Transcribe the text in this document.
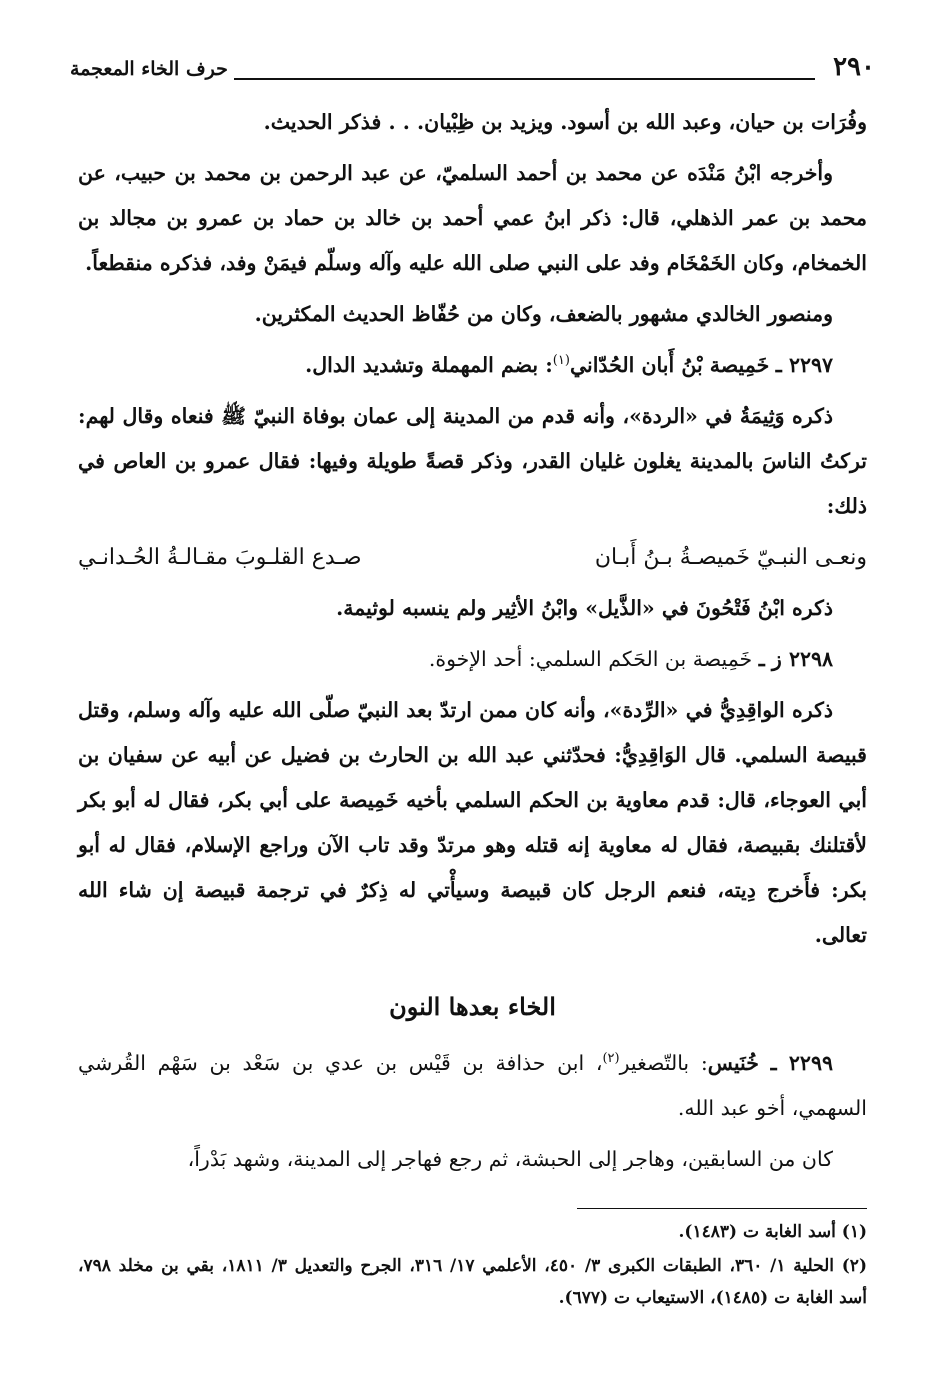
٢٩٠
حرف الخاء المعجمة

وفُرَات بن حيان، وعبد الله بن أسود. ويزيد بن ظِبْيان. . . فذكر الحديث.

وأخرجه ابْنُ مَنْدَه عن محمد بن أحمد السلميّ، عن عبد الرحمن بن محمد بن حبيب، عن محمد بن عمر الذهلي، قال: ذكر ابنُ عمي أحمد بن خالد بن حماد بن عمرو بن مجالد بن الخمخام، وكان الخَمْخَام وفد على النبي صلى الله عليه وآله وسلّم فيمَنْ وفد، فذكره منقطعاً.

ومنصور الخالدي مشهور بالضعف، وكان من حُفّاظ الحديث المكثرين.

٢٢٩٧ ـ خَمِيصة بْنُ أَبان الحُدّاني$^{(١)}$: بضم المهملة وتشديد الدال.

ذكره وَثِيمَةُ في «الردة»، وأنه قدم من المدينة إلى عمان بوفاة النبيّ ﷺ فنعاه وقال لهم: تركتُ الناسَ بالمدينة يغلون غليان القدر، وذكر قصةً طويلة وفيها: فقال عمرو بن العاص في ذلك:

ونعـى النبـيّ خَميصـةُ بـنُ أَبـان
صـدع القلـوبَ مقـالـةُ الحُـدانـي

ذكره ابْنُ فَتْحُونَ في «الذَّيل» وابْنُ الأثِير ولم ينسبه لوثيمة.

٢٢٩٨ ز ـ خَمِيصة بن الحَكم السلمي: أحد الإخوة.

ذكره الواقِدِيُّ في «الرِّدة»، وأنه كان ممن ارتدّ بعد النبيّ صلّى الله عليه وآله وسلم، وقتل قبيصة السلمي. قال الوَاقِدِيُّ: فحدّثني عبد الله بن الحارث بن فضيل عن أبيه عن سفيان بن أبي العوجاء، قال: قدم معاوية بن الحكم السلمي بأخيه خَمِيصة على أبي بكر، فقال له أبو بكر لأقتلنك بقبيصة، فقال له معاوية إنه قتله وهو مرتدّ وقد تاب الآن وراجع الإسلام، فقال له أبو بكر: فأَخرج دِيته، فنعم الرجل كان قبيصة وسيأْتي له ذِكرٌ في ترجمة قبيصة إن شاء الله تعالى.

الخاء بعدها النون

٢٢٩٩ ـ خُنَيس: بالتّصغير$^{(٢)}$، ابن حذافة بن قَيْس بن عدي بن سَعْد بن سَهْم القُرشي السهمي، أخو عبد الله.

كان من السابقين، وهاجر إلى الحبشة، ثم رجع فهاجر إلى المدينة، وشهد بَدْراً،

(١) أسد الغابة ت (١٤٨٣).

(٢) الحلية ١/ ٣٦٠، الطبقات الكبرى ٣/ ٤٥٠، الأعلمي ١٧/ ٣١٦، الجرح والتعديل ٣/ ١٨١١، بقي بن مخلد ٧٩٨، أسد الغابة ت (١٤٨٥)، الاستيعاب ت (٦٧٧).
